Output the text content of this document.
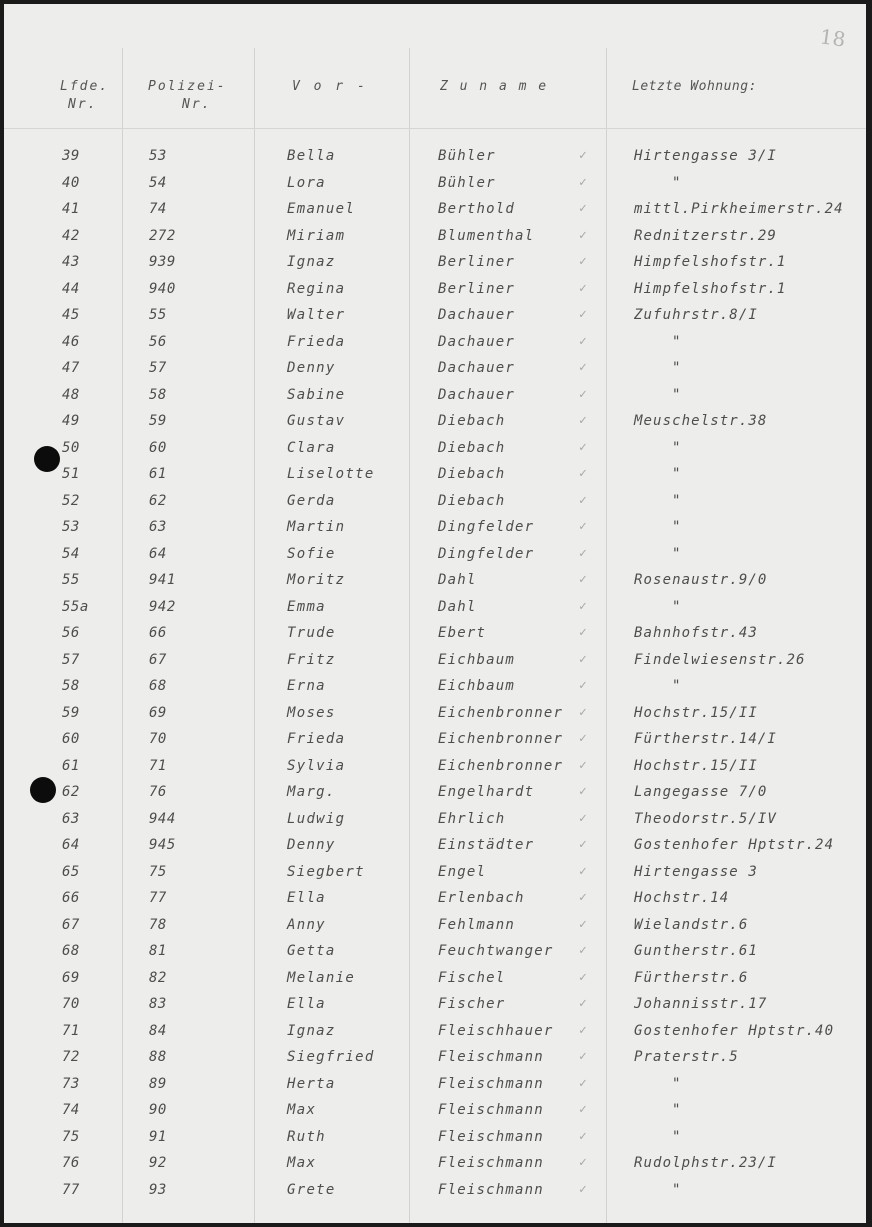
18
Lfde.
Nr.
Polizei-
Nr.
V o r -	Z u n a m e	Letzte Wohnung:
39	53	Bella	Bühler	✓	Hirtengasse 3/I
40	54	Lora	Bühler	✓	"
41	74	Emanuel	Berthold	✓	mittl.Pirkheimerstr.24
42	272	Miriam	Blumenthal	✓	Rednitzerstr.29
43	939	Ignaz	Berliner	✓	Himpfelshofstr.1
44	940	Regina	Berliner	✓	Himpfelshofstr.1
45	55	Walter	Dachauer	✓	Zufuhrstr.8/I
46	56	Frieda	Dachauer	✓	"
47	57	Denny	Dachauer	✓	"
48	58	Sabine	Dachauer	✓	"
49	59	Gustav	Diebach	✓	Meuschelstr.38
50	60	Clara	Diebach	✓	"
51	61	Liselotte	Diebach	✓	"
52	62	Gerda	Diebach	✓	"
53	63	Martin	Dingfelder	✓	"
54	64	Sofie	Dingfelder	✓	"
55	941	Moritz	Dahl	✓	Rosenaustr.9/0
55a	942	Emma	Dahl	✓	"
56	66	Trude	Ebert	✓	Bahnhofstr.43
57	67	Fritz	Eichbaum	✓	Findelwiesenstr.26
58	68	Erna	Eichbaum	✓	"
59	69	Moses	Eichenbronner ✓	Hochstr.15/II
60	70	Frieda	Eichenbronner ✓	Fürtherstr.14/I
61	71	Sylvia	Eichenbronner ✓	Hochstr.15/II
62	76	Marg.	Engelhardt	✓	Langegasse 7/0
63	944	Ludwig	Ehrlich	✓	Theodorstr.5/IV
64	945	Denny	Einstädter	✓	Gostenhofer Hptstr.24
65	75	Siegbert	Engel	✓	Hirtengasse 3
66	77	Ella	Erlenbach	✓	Hochstr.14
67	78	Anny	Fehlmann	✓	Wielandstr.6
68	81	Getta	Feuchtwanger ✓	Guntherstr.61
69	82	Melanie	Fischel	✓	Fürtherstr.6
70	83	Ella	Fischer	✓	Johannisstr.17
71	84	Ignaz	Fleischhauer ✓	Gostenhofer Hptstr.40
72	88	Siegfried	Fleischmann	✓	Praterstr.5
73	89	Herta	Fleischmann	✓	"
74	90	Max	Fleischmann	✓	"
75	91	Ruth	Fleischmann	✓	"
76	92	Max	Fleischmann	✓	Rudolphstr.23/I
77	93	Grete	Fleischmann	✓	"
